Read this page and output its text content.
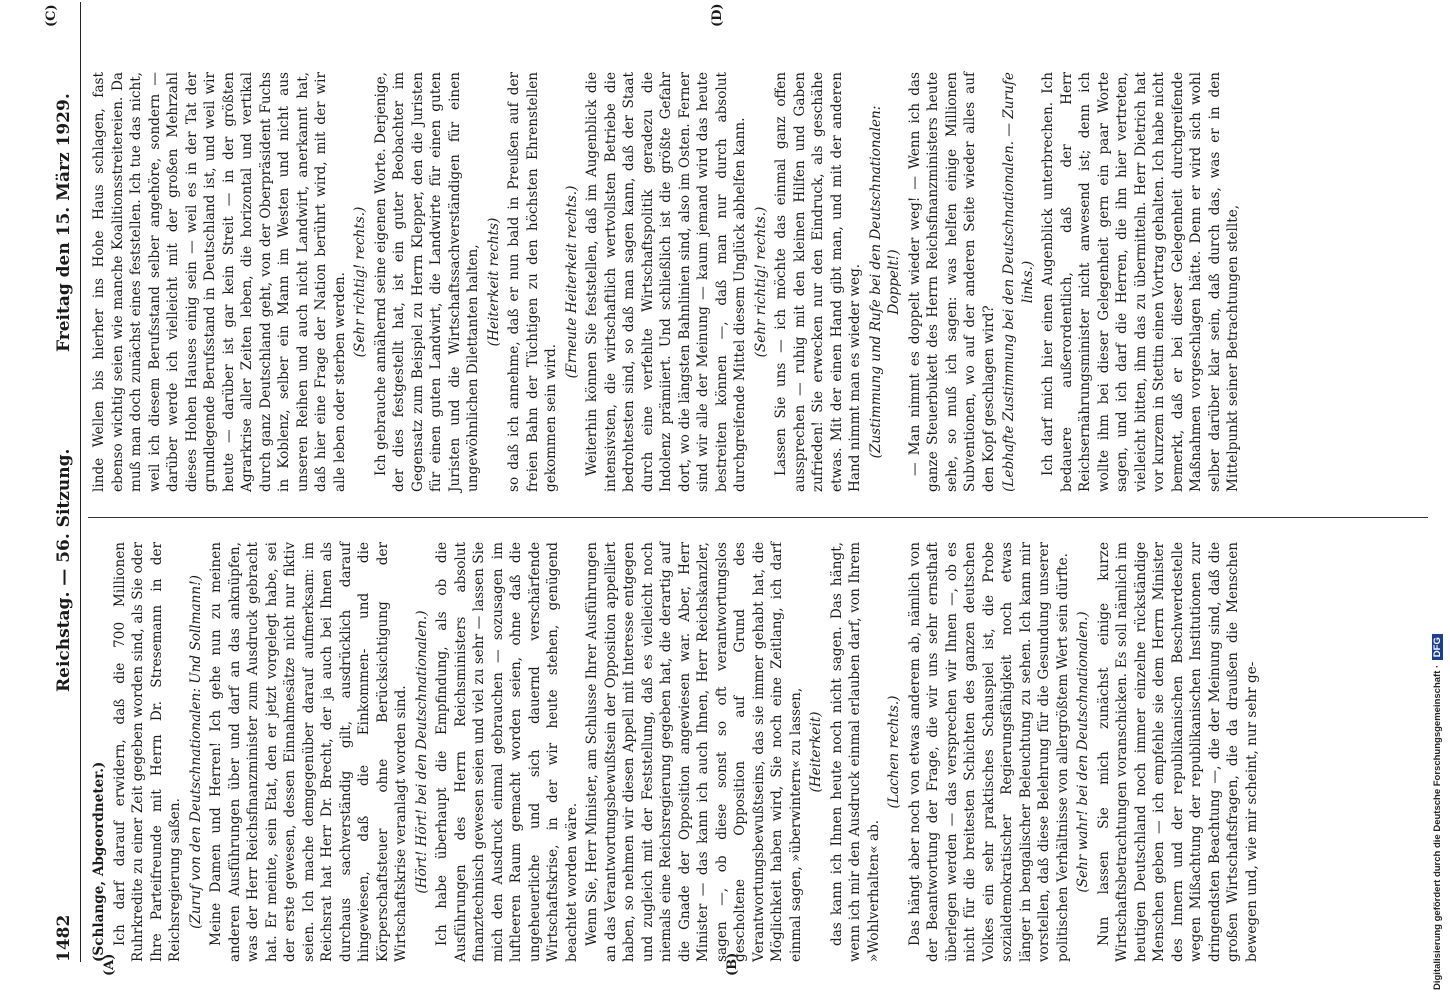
1482
Reichstag. — 56. Sitzung.
Freitag den 15. März 1929.
(A)	(B)
(C)	(D)

(Schlange, Abgeordneter.) Ich darf darauf erwidern, daß die 700 Millionen Ruhrkredite zu einer Zeit gegeben worden sind, als Sie oder Ihre Parteifreunde mit Herrn Dr. Stresemann in der Reichsregierung saßen. (Zuruf von den Deutschnationalen: Und Sollmann!) Meine Damen und Herren! Ich gehe nun zu meinen anderen Ausführungen über und darf an das anknüpfen, was der Herr Reichsfinanzminister zum Ausdruck gebracht hat. Er meinte, sein Etat, den er jetzt vorgelegt habe, sei der erste gewesen, dessen Einnahmesätze nicht nur fiktiv seien. Ich mache demgegenüber darauf aufmerksam: im Reichsrat hat Herr Dr. Brecht, der ja auch bei Ihnen als durchaus sachverständig gilt, ausdrücklich darauf hingewiesen, daß die Einkommen- und die Körperschaftsteuer ohne Berücksichtigung der Wirtschaftskrise veranlagt worden sind. (Hört! Hört! bei den Deutschnationalen.) Ich habe überhaupt die Empfindung, als ob die Ausführungen des Herrn Reichsministers absolut finanztechnisch gewesen seien und viel zu sehr — lassen Sie mich den Ausdruck einmal gebrauchen — sozusagen im luftleeren Raum gemacht worden seien, ohne daß die ungeheuerliche und sich dauernd verschärfende Wirtschaftskrise, in der wir heute stehen, genügend beachtet worden wäre. Wenn Sie, Herr Minister, am Schlusse Ihrer Ausführungen an das Verantwortungsbewußtsein der Opposition appelliert haben, so nehmen wir diesen Appell mit Interesse entgegen und zugleich mit der Feststellung, daß es vielleicht noch niemals eine Reichsregierung gegeben hat, die derartig auf die Gnade der Opposition angewiesen war. Aber, Herr Minister — das kann ich auch Ihnen, Herr Reichskanzler, sagen —, ob diese sonst so oft verantwortungslos gescholtene Opposition auf Grund des Verantwortungsbewußtseins, das sie immer gehabt hat, die Möglichkeit haben wird, Sie noch eine Zeitlang, ich darf einmal sagen, »überwintern« zu lassen, (Heiterkeit) das kann ich Ihnen heute noch nicht sagen. Das hängt, wenn ich mir den Ausdruck einmal erlauben darf, von Ihrem »Wohlverhalten« ab.

(Lachen rechts.) Das hängt aber noch von etwas anderem ab, nämlich von der Beantwortung der Frage, die wir uns sehr ernsthaft überlegen werden — das versprechen wir Ihnen —, ob es nicht für die breitesten Schichten des ganzen deutschen Volkes ein sehr praktisches Schauspiel ist, die Probe sozialdemokratischer Regierungsfähigkeit noch etwas länger in bengalischer Beleuchtung zu sehen. Ich kann mir vorstellen, daß diese Belehrung für die Gesundung unserer politischen Verhältnisse von allergrößtem Wert sein dürfte. (Sehr wahr! bei den Deutschnationalen.) Nun lassen Sie mich zunächst einige kurze Wirtschaftsbetrachtungen voranschicken. Es soll nämlich im heutigen Deutschland noch immer einzelne rückständige Menschen geben — ich empfehle sie dem Herrn Minister des Innern und der republikanischen Beschwerdestelle wegen Mißachtung der republikanischen Institutionen zur dringendsten Beachtung —, die der Meinung sind, daß die großen Wirtschaftsfragen, die da draußen die Menschen bewegen und, wie mir scheint, nur sehr ge-

linde Wellen bis hierher ins Hohe Haus schlagen, fast ebenso wichtig seien wie manche Koalitionsstreitereien. Da muß man doch zunächst eines feststellen. Ich tue das nicht, weil ich diesem Berufsstand selber angehöre, sondern — darüber werde ich vielleicht mit der großen Mehrzahl dieses Hohen Hauses einig sein — weil es in der Tat der grundlegende Berufsstand in Deutschland ist, und weil wir heute — darüber ist gar kein Streit — in der größten Agrarkrise aller Zeiten leben, die horizontal und vertikal durch ganz Deutschland geht, von der Oberpräsident Fuchs in Koblenz, selber ein Mann im Westen und nicht aus unseren Reihen und auch nicht Landwirt, anerkannt hat, daß hier eine Frage der Nation berührt wird, mit der wir alle leben oder sterben werden. (Sehr richtig! rechts.) Ich gebrauche annähernd seine eigenen Worte. Derjenige, der dies festgestellt hat, ist ein guter Beobachter im Gegensatz zum Beispiel zu Herrn Klepper, den die Juristen für einen guten Landwirt, die Landwirte für einen guten Juristen und die Wirtschaftssachverständigen für einen ungewöhnlichen Dilettanten halten, (Heiterkeit rechts) so daß ich annehme, daß er nun bald in Preußen auf der freien Bahn der Tüchtigen zu den höchsten Ehrenstellen gekommen sein wird.

(Erneute Heiterkeit rechts.) Weiterhin können Sie feststellen, daß im Augenblick die intensivsten, die wirtschaftlich wertvollsten Betriebe die bedrohtesten sind, so daß man sagen kann, daß der Staat durch eine verfehlte Wirtschaftspolitik geradezu die Indolenz prämiiert. Und schließlich ist die größte Gefahr dort, wo die längsten Bahnlinien sind, also im Osten. Ferner sind wir alle der Meinung — kaum jemand wird das heute bestreiten können —, daß man nur durch absolut durchgreifende Mittel diesem Unglück abhelfen kann. (Sehr richtig! rechts.) Lassen Sie uns — ich möchte das einmal ganz offen aussprechen — ruhig mit den kleinen Hilfen und Gaben zufrieden! Sie erwecken nur den Eindruck, als geschähe etwas. Mit der einen Hand gibt man, und mit der anderen Hand nimmt man es wieder weg. (Zustimmung und Rufe bei den Deutschnationalen: Doppelt!) — Man nimmt es doppelt wieder weg! — Wenn ich das ganze Steuerbukett des Herrn Reichsfinanzministers heute sehe, so muß ich sagen: was helfen einige Millionen Subventionen, wo auf der anderen Seite wieder alles auf den Kopf geschlagen wird? (Lebhafte Zustimmung bei den Deutschnationalen. — Zurufe links.) Ich darf mich hier einen Augenblick unterbrechen. Ich bedauere außerordentlich, daß der Herr Reichsernährungsminister nicht anwesend ist; denn ich wollte ihm bei dieser Gelegenheit gern ein paar Worte sagen, und ich darf die Herren, die ihn hier vertreten, vielleicht bitten, ihm das zu übermitteln. Herr Dietrich hat vor kurzem in Stettin einen Vortrag gehalten. Ich habe nicht bemerkt, daß er bei dieser Gelegenheit durchgreifende Maßnahmen vorgeschlagen hätte. Denn er wird sich wohl selber darüber klar sein, daß durch das, was er in den Mittelpunkt seiner Betrachtungen stellte,

Digitalisierung gefördert durch die Deutsche Forschungsgemeinschaft · DFG
